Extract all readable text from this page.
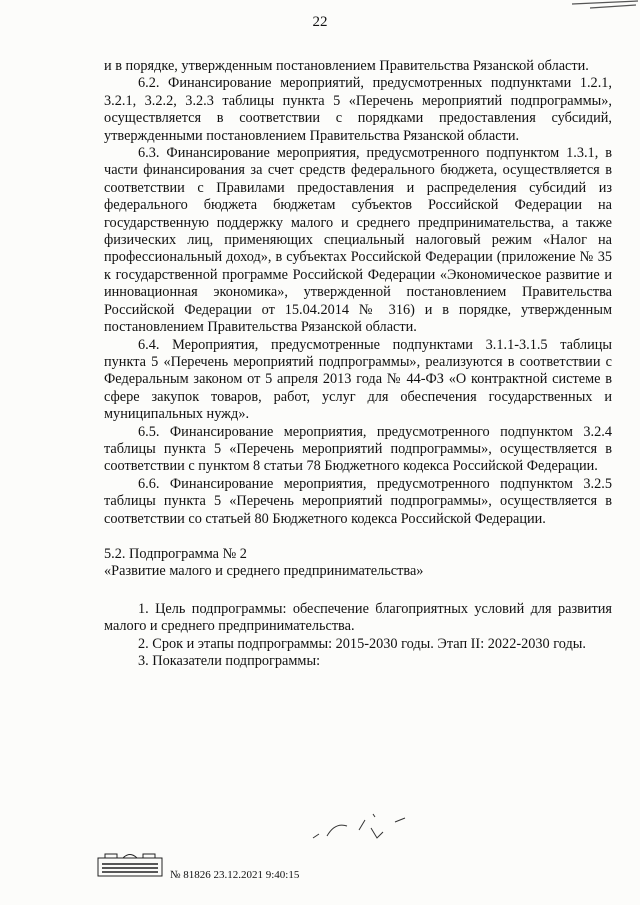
22

и в порядке, утвержденным постановлением Правительства Рязанской области.

6.2. Финансирование мероприятий, предусмотренных подпунктами 1.2.1, 3.2.1, 3.2.2, 3.2.3 таблицы пункта 5 «Перечень мероприятий подпрограммы», осуществляется в соответствии с порядками предоставления субсидий, утвержденными постановлением Правительства Рязанской области.

6.3. Финансирование мероприятия, предусмотренного подпунктом 1.3.1, в части финансирования за счет средств федерального бюджета, осуществляется в соответствии с Правилами предоставления и распределения субсидий из федерального бюджета бюджетам субъектов Российской Федерации на государственную поддержку малого и среднего предпринимательства, а также физических лиц, применяющих специальный налоговый режим «Налог на профессиональный доход», в субъектах Российской Федерации (приложение № 35 к государственной программе Российской Федерации «Экономическое развитие и инновационная экономика», утвержденной постановлением Правительства Российской Федерации от 15.04.2014 № 316) и в порядке, утвержденным постановлением Правительства Рязанской области.

6.4. Мероприятия, предусмотренные подпунктами 3.1.1-3.1.5 таблицы пункта 5 «Перечень мероприятий подпрограммы», реализуются в соответствии с Федеральным законом от 5 апреля 2013 года № 44-ФЗ «О контрактной системе в сфере закупок товаров, работ, услуг для обеспечения государственных и муниципальных нужд».

6.5. Финансирование мероприятия, предусмотренного подпунктом 3.2.4 таблицы пункта 5 «Перечень мероприятий подпрограммы», осуществляется в соответствии с пунктом 8 статьи 78 Бюджетного кодекса Российской Федерации.

6.6. Финансирование мероприятия, предусмотренного подпунктом 3.2.5 таблицы пункта 5 «Перечень мероприятий подпрограммы», осуществляется в соответствии со статьей 80 Бюджетного кодекса Российской Федерации.

5.2. Подпрограмма № 2

«Развитие малого и среднего предпринимательства»

1. Цель подпрограммы: обеспечение благоприятных условий для развития малого и среднего предпринимательства.

2. Срок и этапы подпрограммы: 2015-2030 годы. Этап II: 2022-2030 годы.

3. Показатели подпрограммы:

№ 81826 23.12.2021 9:40:15
